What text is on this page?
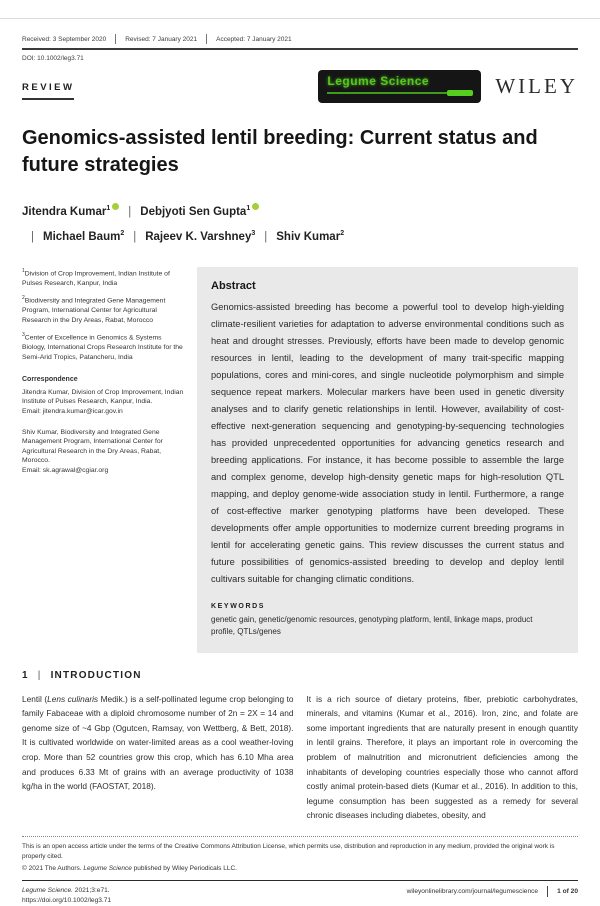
Received: 3 September 2020	Revised: 7 January 2021	Accepted: 7 January 2021
DOI: 10.1002/leg3.71
REVIEW	Legume Science	WILEY
Genomics-assisted lentil breeding: Current status and future strategies
Jitendra Kumar$^1$ | Debjyoti Sen Gupta$^1$| Michael Baum$^2$ | Rajeev K. Varshney$^3$ | Shiv Kumar$^2$
$^1$Division of Crop Improvement, Indian Institute of Pulses Research, Kanpur, India
$^2$Biodiversity and Integrated Gene Management Program, International Center for Agricultural Research in the Dry Areas, Rabat, Morocco
$^3$Center of Excellence in Genomics & Systems Biology, International Crops Research Institute for the Semi-Arid Tropics, Patancheru, India
Correspondence
Jitendra Kumar, Division of Crop Improvement, Indian Institute of Pulses Research, Kanpur, India.
Email: jitendra.kumar@icar.gov.in
Shiv Kumar, Biodiversity and Integrated Gene Management Program, International Center for Agricultural Research in the Dry Areas, Rabat, Morocco.
Email: sk.agrawal@cgiar.org
Abstract

Genomics-assisted breeding has become a powerful tool to develop high-yielding climate-resilient varieties for adaptation to adverse environmental conditions such as heat and drought stresses. Previously, efforts have been made to develop genomic resources in lentil, leading to the development of many trait-specific mapping populations, cores and mini-cores, and single nucleotide polymorphism and simple sequence repeat markers. Molecular markers have been used in genetic diversity analyses and to clarify genetic relationships in lentil. However, availability of cost-effective next-generation sequencing and genotyping-by-sequencing technologies has provided unprecedented opportunities for advancing genetics research and breeding applications. For instance, it has become possible to assemble the large and complex genome, develop high-density genetic maps for high-resolution QTL mapping, and deploy genome-wide association study in lentil. Furthermore, a range of cost-effective marker genotyping platforms have been developed. These developments offer ample opportunities to modernize current breeding programs in lentil for accelerating genetic gains. This review discusses the current status and future possibilities of genomics-assisted breeding to develop and deploy lentil cultivars suitable for changing climatic conditions.

KEYWORDS

genetic gain, genetic/genomic resources, genotyping platform, lentil, linkage maps, product profile, QTLs/genes

1 | INTRODUCTION

Lentil (Lens culinaris Medik.) is a self-pollinated legume crop belonging to family Fabaceae with a diploid chromosome number of 2n = 2X = 14 and genome size of ~4 Gbp (Ogutcen, Ramsay, von Wettberg, & Bett, 2018). It is cultivated worldwide on water-limited areas as a cool weather-loving crop. More than 52 countries grow this crop, which has 6.10 Mha area and produces 6.33 Mt of grains with an average productivity of 1038 kg/ha in the world (FAOSTAT, 2018).

It is a rich source of dietary proteins, fiber, prebiotic carbohydrates, minerals, and vitamins (Kumar et al., 2016). Iron, zinc, and folate are some important ingredients that are naturally present in enough quantity in lentil grains. Therefore, it plays an important role in overcoming the problem of malnutrition and micronutrient deficiencies among the inhabitants of developing countries especially those who cannot afford costly animal protein-based diets (Kumar et al., 2016). In addition to this, legume consumption has been suggested as a remedy for several chronic diseases including diabetes, obesity, and

This is an open access article under the terms of the Creative Commons Attribution License, which permits use, distribution and reproduction in any medium, provided the original work is properly cited.

© 2021 The Authors. Legume Science published by Wiley Periodicals LLC.

Legume Science. 2021;3:e71.
https://doi.org/10.1002/leg3.71
wileyonlinelibrary.com/journal/legumescience	1 of 20
